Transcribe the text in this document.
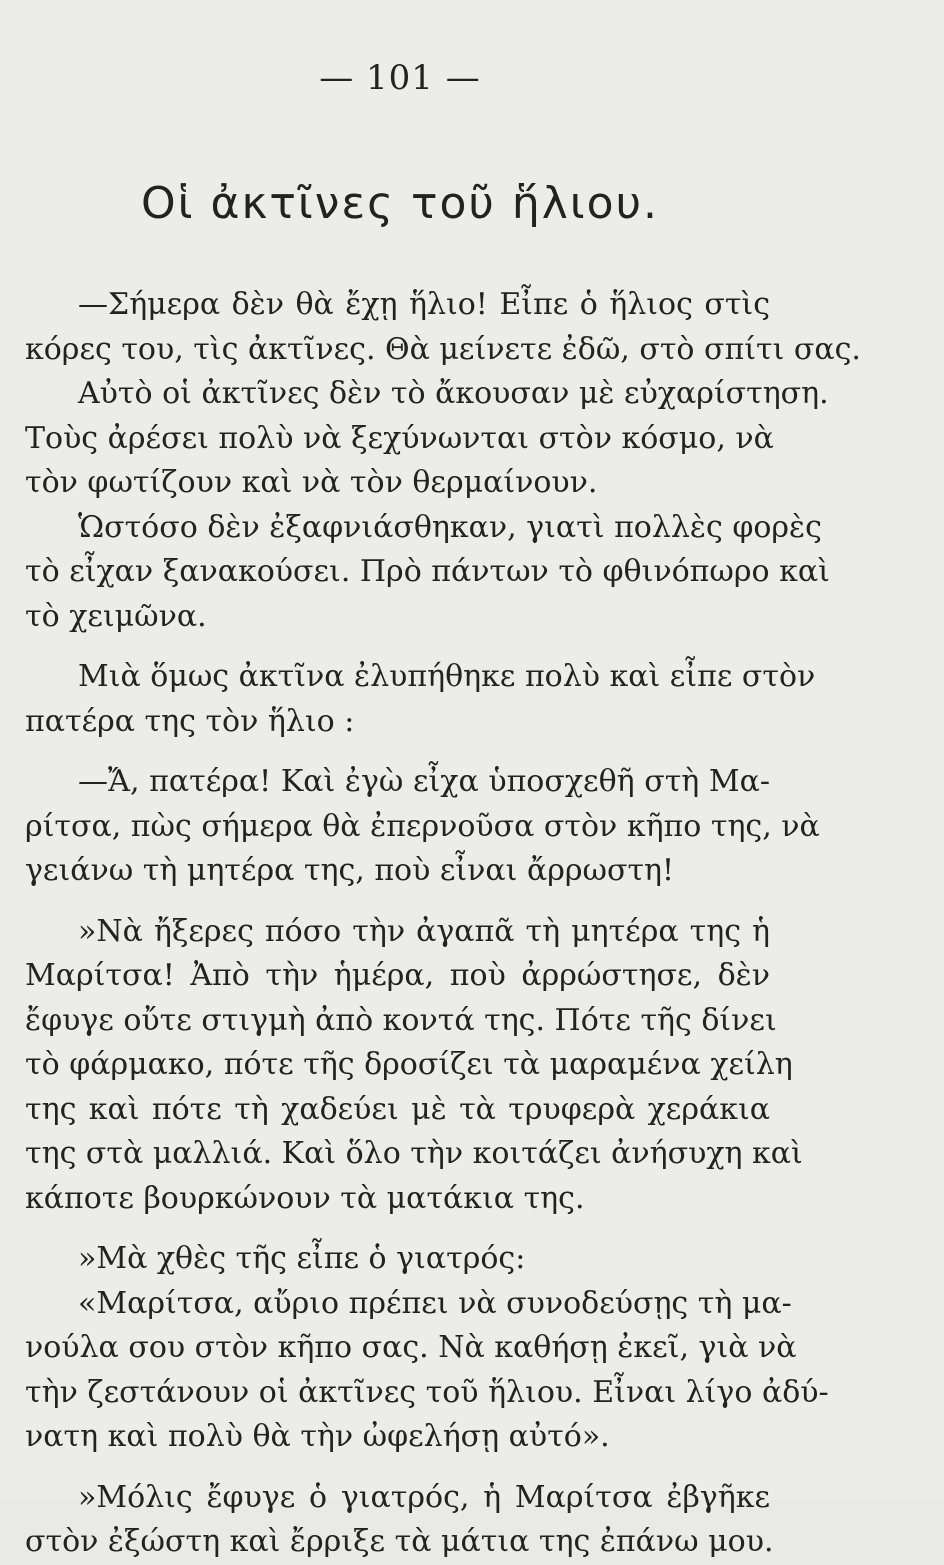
— 101 —
Οἱ ἀκτῖνες τοῦ ἥλιου.
—Σήμερα δὲν θὰ ἔχῃ ἥλιο! Εἶπε ὁ ἥλιος στὶς
κόρες του, τὶς ἀκτῖνες. Θὰ μείνετε ἐδῶ, στὸ σπίτι σας.
Αὐτὸ οἱ ἀκτῖνες δὲν τὸ ἄκουσαν μὲ εὐχαρίστηση.
Τοὺς ἀρέσει πολὺ νὰ ξεχύνωνται στὸν κόσμο, νὰ
τὸν φωτίζουν καὶ νὰ τὸν θερμαίνουν.
Ὡστόσο δὲν ἐξαφνιάσθηκαν, γιατὶ πολλὲς φορὲς
τὸ εἶχαν ξανακούσει. Πρὸ πάντων τὸ φθινόπωρο καὶ
τὸ χειμῶνα.
Μιὰ ὅμως ἀκτῖνα ἐλυπήθηκε πολὺ καὶ εἶπε στὸν
πατέρα της τὸν ἥλιο :
—Ἄ, πατέρα! Καὶ ἐγὼ εἶχα ὑποσχεθῆ στὴ Μα-
ρίτσα, πὼς σήμερα θὰ ἐπερνοῦσα στὸν κῆπο της, νὰ
γειάνω τὴ μητέρα της, ποὺ εἶναι ἄρρωστη!
»Νὰ ἤξερες πόσο τὴν ἀγαπᾶ τὴ μητέρα της ἡ
Μαρίτσα! Ἀπὸ τὴν ἡμέρα, ποὺ ἀρρώστησε, δὲν
ἔφυγε οὔτε στιγμὴ ἀπὸ κοντά της. Πότε τῆς δίνει
τὸ φάρμακο, πότε τῆς δροσίζει τὰ μαραμένα χείλη
της καὶ πότε τὴ χαδεύει μὲ τὰ τρυφερὰ χεράκια
της στὰ μαλλιά. Καὶ ὅλο τὴν κοιτάζει ἀνήσυχη καὶ
κάποτε βουρκώνουν τὰ ματάκια της.
»Μὰ χθὲς τῆς εἶπε ὁ γιατρός:
«Μαρίτσα, αὔριο πρέπει νὰ συνοδεύσῃς τὴ μα-
νούλα σου στὸν κῆπο σας. Νὰ καθήσῃ ἐκεῖ, γιὰ νὰ
τὴν ζεστάνουν οἱ ἀκτῖνες τοῦ ἥλιου. Εἶναι λίγο ἀδύ-
νατη καὶ πολὺ θὰ τὴν ὠφελήσῃ αὐτό».
»Μόλις ἔφυγε ὁ γιατρός, ἡ Μαρίτσα ἐβγῆκε
στὸν ἐξώστη καὶ ἔρριξε τὰ μάτια της ἐπάνω μου.
